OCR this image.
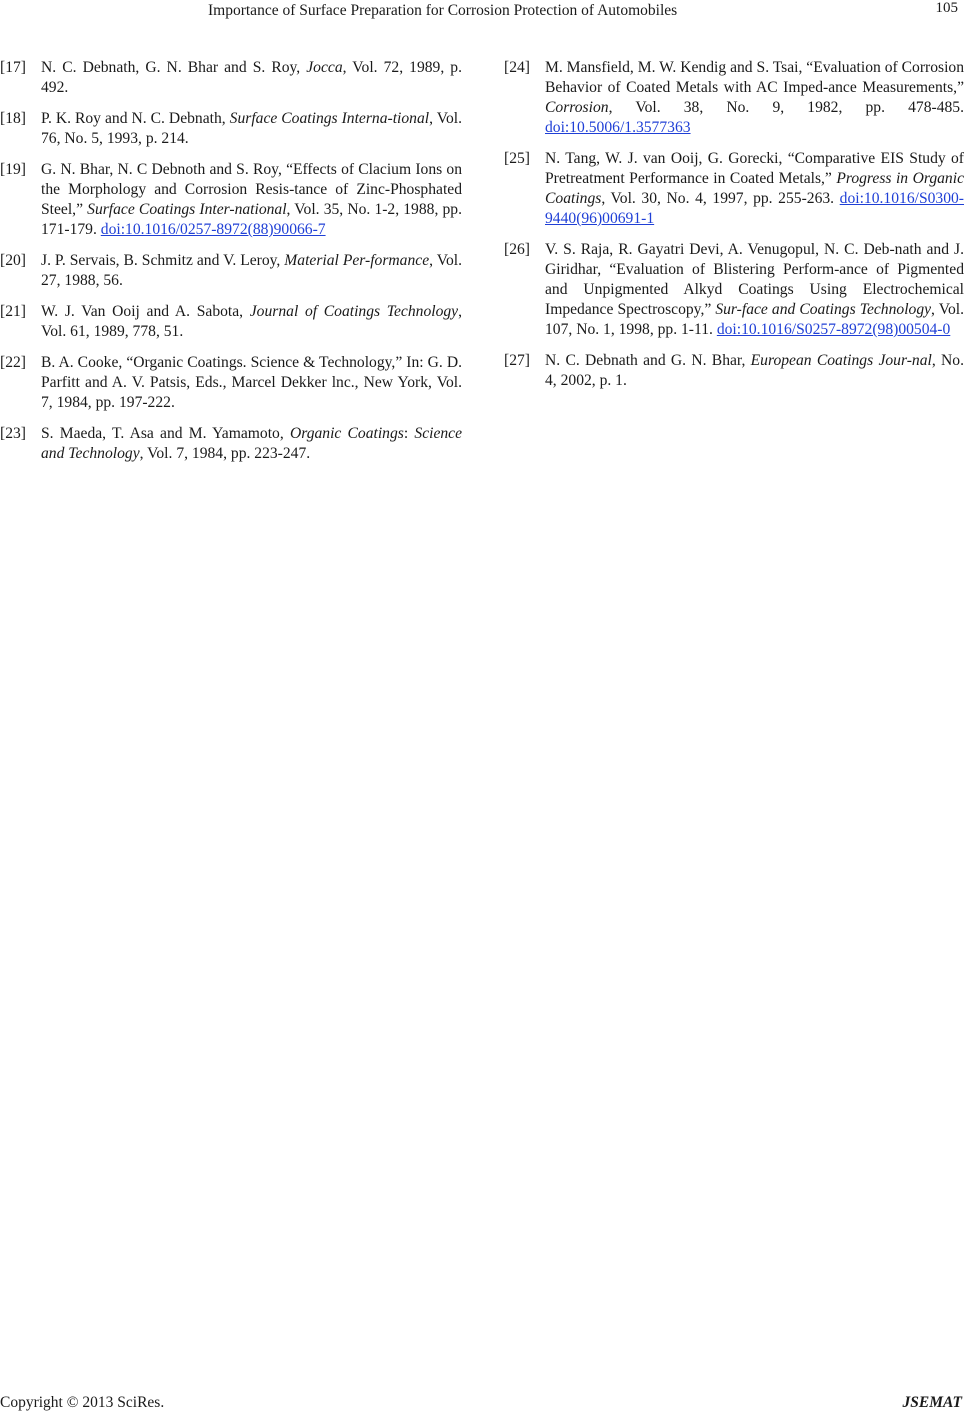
Importance of Surface Preparation for Corrosion Protection of Automobiles	105
[17] N. C. Debnath, G. N. Bhar and S. Roy, Jocca, Vol. 72, 1989, p. 492.
[18] P. K. Roy and N. C. Debnath, Surface Coatings Interna-tional, Vol. 76, No. 5, 1993, p. 214.
[19] G. N. Bhar, N. C Debnoth and S. Roy, “Effects of Clacium Ions on the Morphology and Corrosion Resis-tance of Zinc-Phosphated Steel,” Surface Coatings Inter-national, Vol. 35, No. 1-2, 1988, pp. 171-179. doi:10.1016/0257-8972(88)90066-7
[20] J. P. Servais, B. Schmitz and V. Leroy, Material Per-formance, Vol. 27, 1988, 56.
[21] W. J. Van Ooij and A. Sabota, Journal of Coatings Technology, Vol. 61, 1989, 778, 51.
[22] B. A. Cooke, “Organic Coatings. Science & Technology,” In: G. D. Parfitt and A. V. Patsis, Eds., Marcel Dekker lnc., New York, Vol. 7, 1984, pp. 197-222.
[23] S. Maeda, T. Asa and M. Yamamoto, Organic Coatings: Science and Technology, Vol. 7, 1984, pp. 223-247.
[24] M. Mansfield, M. W. Kendig and S. Tsai, “Evaluation of Corrosion Behavior of Coated Metals with AC Imped-ance Measurements,” Corrosion, Vol. 38, No. 9, 1982, pp. 478-485. doi:10.5006/1.3577363
[25] N. Tang, W. J. van Ooij, G. Gorecki, “Comparative EIS Study of Pretreatment Performance in Coated Metals,” Progress in Organic Coatings, Vol. 30, No. 4, 1997, pp. 255-263. doi:10.1016/S0300-9440(96)00691-1
[26] V. S. Raja, R. Gayatri Devi, A. Venugopul, N. C. Deb-nath and J. Giridhar, “Evaluation of Blistering Perform-ance of Pigmented and Unpigmented Alkyd Coatings Using Electrochemical Impedance Spectroscopy,” Sur-face and Coatings Technology, Vol. 107, No. 1, 1998, pp. 1-11. doi:10.1016/S0257-8972(98)00504-0
[27] N. C. Debnath and G. N. Bhar, European Coatings Jour-nal, No. 4, 2002, p. 1.
Copyright © 2013 SciRes.	JSEMAT
